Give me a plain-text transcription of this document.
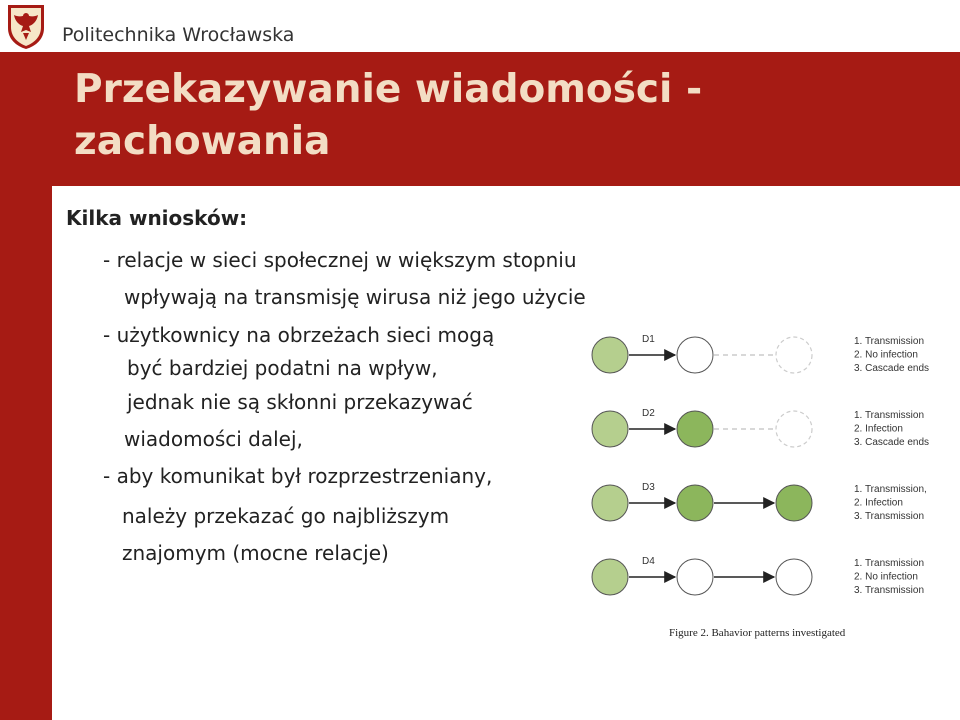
Politechnika Wrocławska
Przekazywanie wiadomości -
zachowania
Kilka wniosków:
- relacje w sieci społecznej w większym stopniu
wpływają na transmisję wirusa niż jego użycie
- użytkownicy na obrzeżach sieci mogą
być bardziej podatni na wpływ,
jednak nie są skłonni przekazywać
wiadomości dalej,
- aby komunikat był rozprzestrzeniany,
należy przekazać go najbliższym
znajomym (mocne relacje)
D1	1. Transmission
2. No infection
3. Cascade ends
D2	1. Transmission
2. Infection
3. Cascade ends
D3	1. Transmission,
2. Infection
3. Transmission
D4	1. Transmission
2. No infection
3. Transmission
Figure 2. Bahavior patterns investigated
